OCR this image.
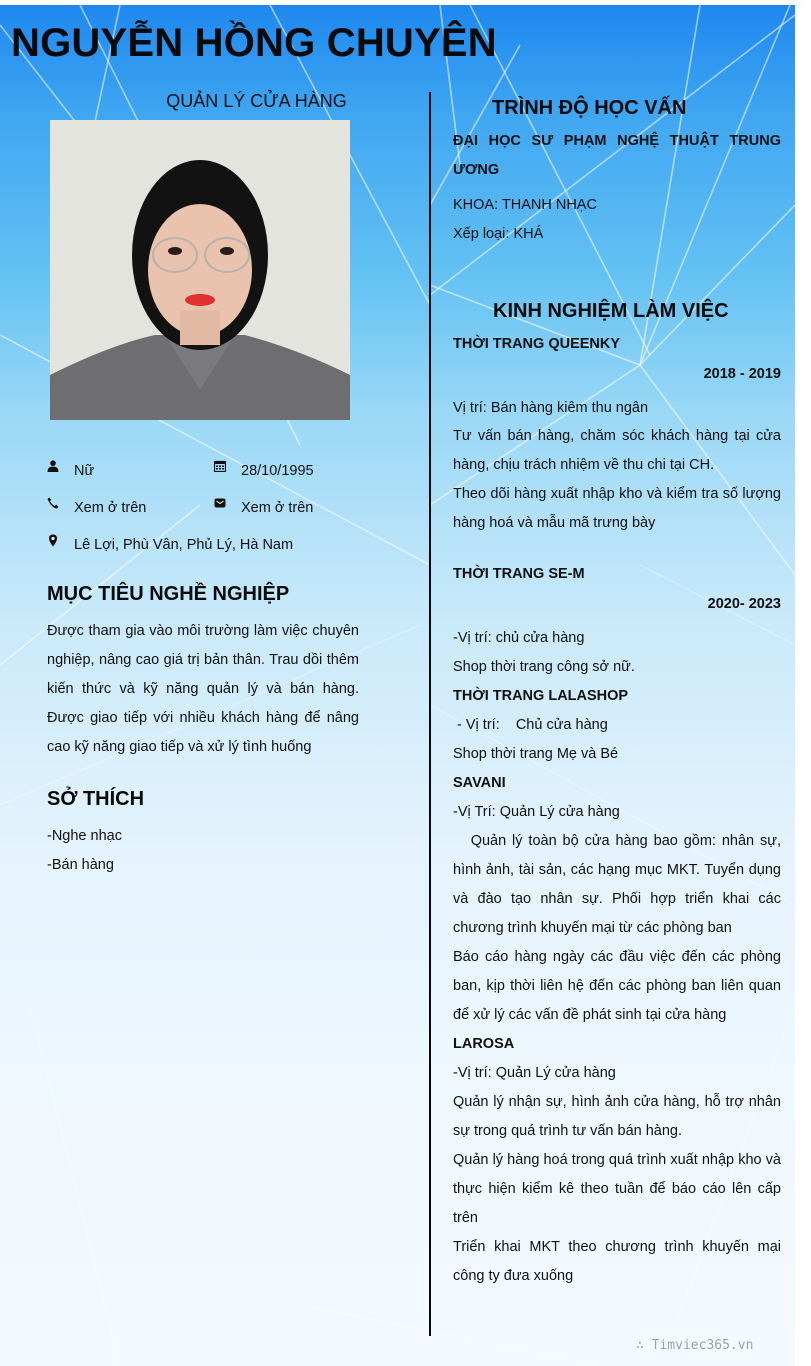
NGUYỄN HỒNG CHUYÊN
QUẢN LÝ CỬA HÀNG
Nữ	28/10/1995
Xem ở trên	Xem ở trên
Lê Lợi, Phù Vân, Phủ Lý, Hà Nam
MỤC TIÊU NGHỀ NGHIỆP
Được tham gia vào môi trường làm việc chuyên nghiệp, nâng cao giá trị bản thân. Trau dồi thêm kiến thức và kỹ năng quản lý và bán hàng. Được giao tiếp với nhiều khách hàng để nâng cao kỹ năng giao tiếp và xử lý tình huống
SỞ THÍCH
-Nghe nhạc
-Bán hàng
TRÌNH ĐỘ HỌC VẤN
ĐẠI HỌC SƯ PHẠM NGHỆ THUẬT TRUNG ƯƠNG
KHOA: THANH NHẠC
Xếp loại: KHÁ
KINH NGHIỆM LÀM VIỆC
THỜI TRANG QUEENKY
2018 - 2019
Vị trí: Bán hàng kiêm thu ngân
Tư vấn bán hàng, chăm sóc khách hàng tại cửa hàng, chịu trách nhiệm về thu chi tại CH.
Theo dõi hàng xuất nhập kho và kiểm tra số lượng hàng hoá và mẫu mã trưng bày
THỜI TRANG SE-M
2020- 2023
-Vị trí: chủ cửa hàng
Shop thời trang công sở nữ.
THỜI TRANG LALASHOP
- Vị trí:    Chủ cửa hàng
Shop thời trang Mẹ và Bé
SAVANI
-Vị Trí: Quản Lý cửa hàng
Quản lý toàn bộ cửa hàng bao gồm: nhân sự, hình ảnh, tài sản, các hạng mục MKT. Tuyển dụng và đào tạo nhân sự. Phối hợp triển khai các chương trình khuyến mại từ các phòng ban
Báo cáo hàng ngày các đầu việc đến các phòng ban, kịp thời liên hệ đến các phòng ban liên quan để xử lý các vấn đề phát sinh tại cửa hàng
LAROSA
-Vị trí: Quản Lý cửa hàng
Quản lý nhận sự, hình ảnh cửa hàng, hỗ trợ nhân sự trong quá trình tư vấn bán hàng.
Quản lý hàng hoá trong quá trình xuất nhập kho và thực hiện kiểm kê theo tuần để báo cáo lên cấp trên
Triển khai MKT theo chương trình khuyến mại công ty đưa xuống
∴ Timviec365.vn
